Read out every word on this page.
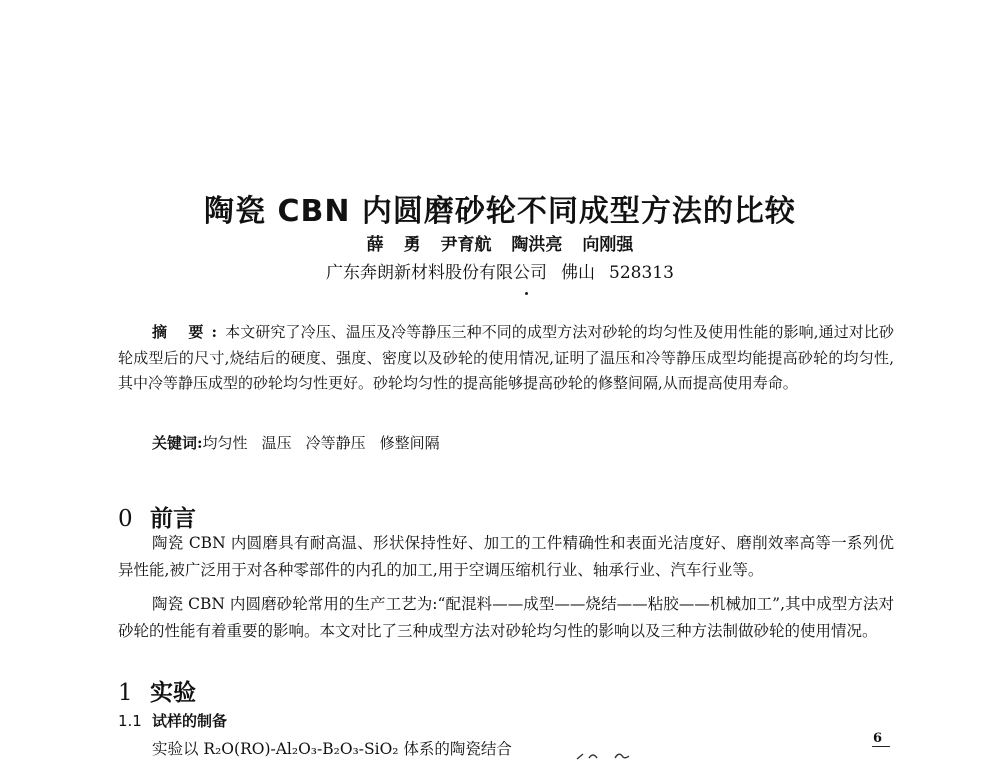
陶瓷 CBN 内圆磨砂轮不同成型方法的比较
薛 勇 尹育航 陶洪亮 向刚强
广东奔朗新材料股份有限公司 佛山 528313
摘 要:本文研究了冷压、温压及冷等静压三种不同的成型方法对砂轮的均匀性及使用性能的影响,通过对比砂轮成型后的尺寸,烧结后的硬度、强度、密度以及砂轮的使用情况,证明了温压和冷等静压成型均能提高砂轮的均匀性,其中冷等静压成型的砂轮均匀性更好。砂轮均匀性的提高能够提高砂轮的修整间隔,从而提高使用寿命。
关键词:均匀性 温压 冷等静压 修整间隔
0 前言
陶瓷 CBN 内圆磨具有耐高温、形状保持性好、加工的工件精确性和表面光洁度好、磨削效率高等一系列优异性能,被广泛用于对各种零部件的内孔的加工,用于空调压缩机行业、轴承行业、汽车行业等。
陶瓷 CBN 内圆磨砂轮常用的生产工艺为:“配混料——成型——烧结——粘胶——机械加工”,其中成型方法对砂轮的性能有着重要的影响。本文对比了三种成型方法对砂轮均匀性的影响以及三种方法制做砂轮的使用情况。
1 实验
1.1 试样的制备
实验以 R₂O(RO)-Al₂O₃-B₂O₃-SiO₂ 体系的陶瓷结合
6
